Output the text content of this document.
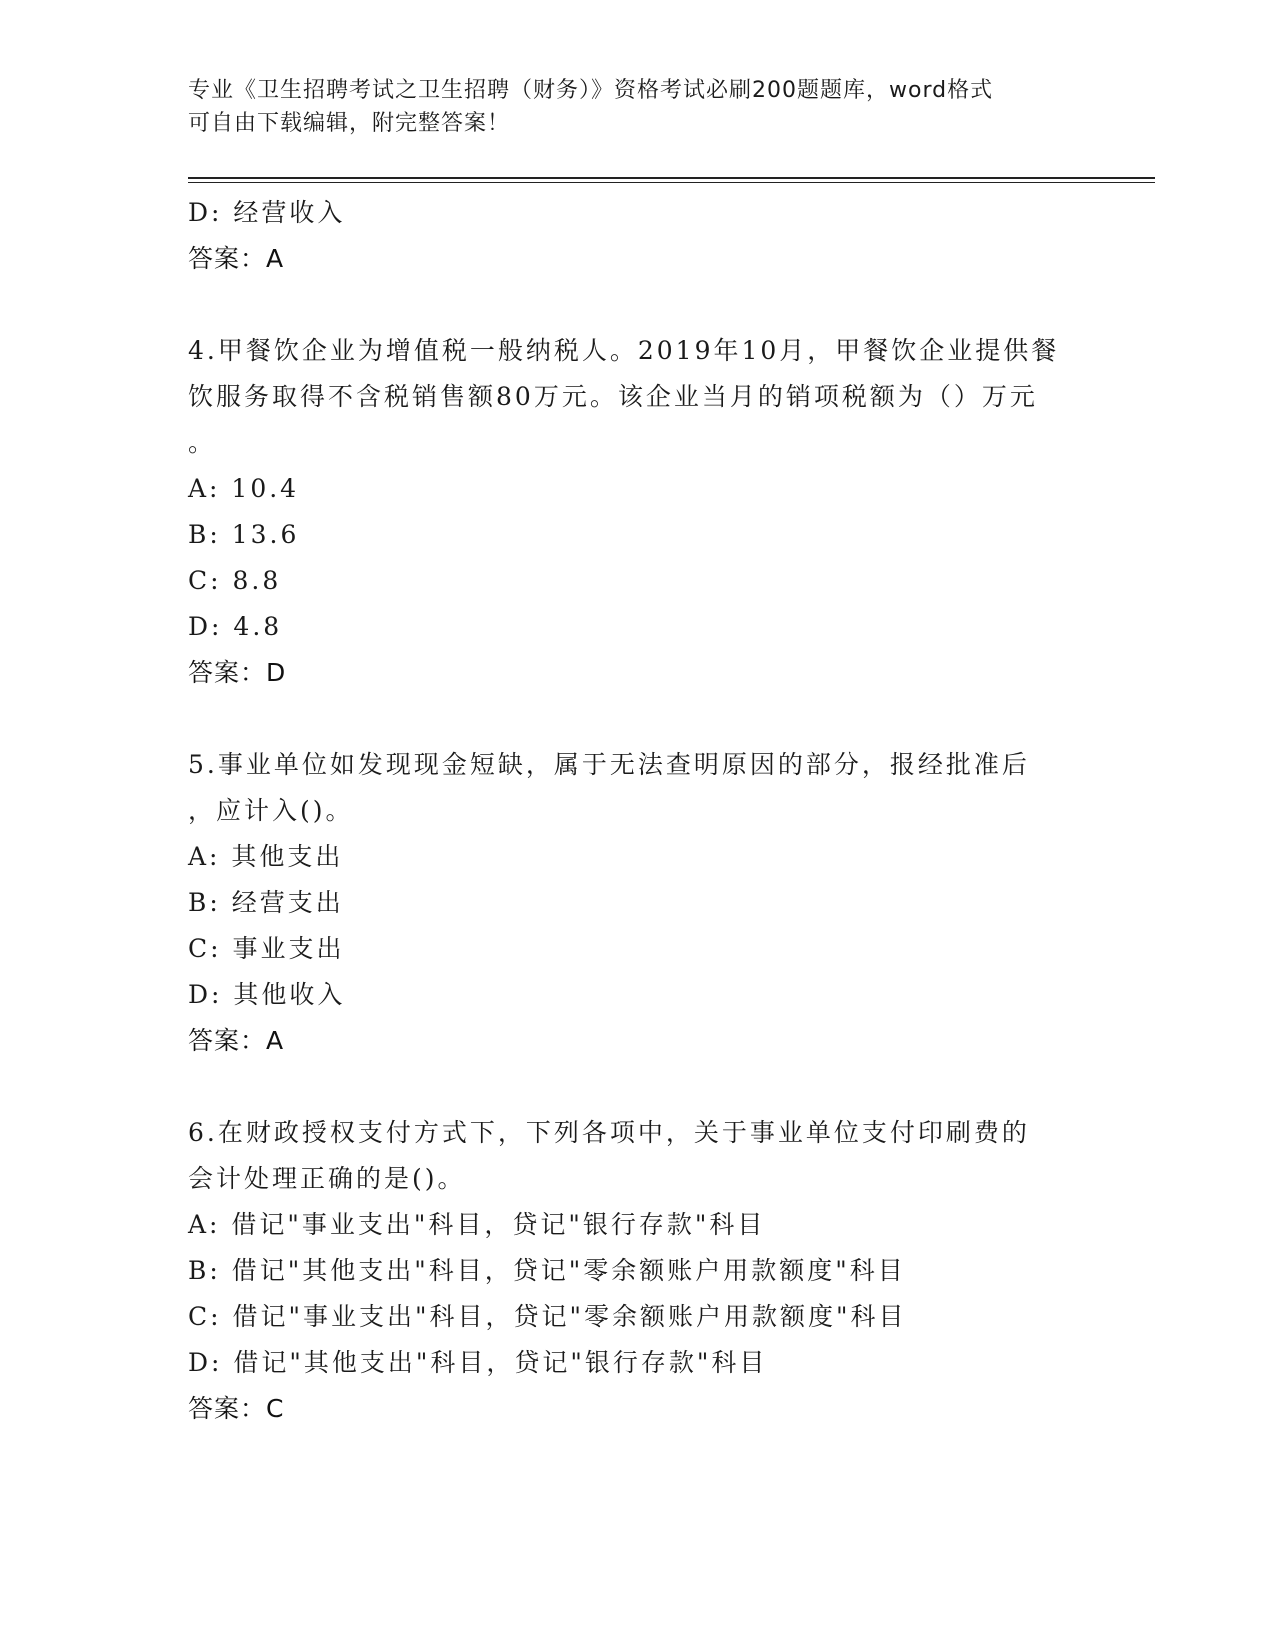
专业《卫生招聘考试之卫生招聘（财务）》资格考试必刷200题题库，word格式
可自由下载编辑，附完整答案！
D: 经营收入
答案：A
4.甲餐饮企业为增值税一般纳税人。2019年10月，甲餐饮企业提供餐
饮服务取得不含税销售额80万元。该企业当月的销项税额为（）万元
。
A: 10.4
B: 13.6
C: 8.8
D: 4.8
答案：D
5.事业单位如发现现金短缺，属于无法查明原因的部分，报经批准后
，应计入()。
A: 其他支出
B: 经营支出
C: 事业支出
D: 其他收入
答案：A
6.在财政授权支付方式下，下列各项中，关于事业单位支付印刷费的
会计处理正确的是()。
A: 借记"事业支出"科目，贷记"银行存款"科目
B: 借记"其他支出"科目，贷记"零余额账户用款额度"科目
C: 借记"事业支出"科目，贷记"零余额账户用款额度"科目
D: 借记"其他支出"科目，贷记"银行存款"科目
答案：C
